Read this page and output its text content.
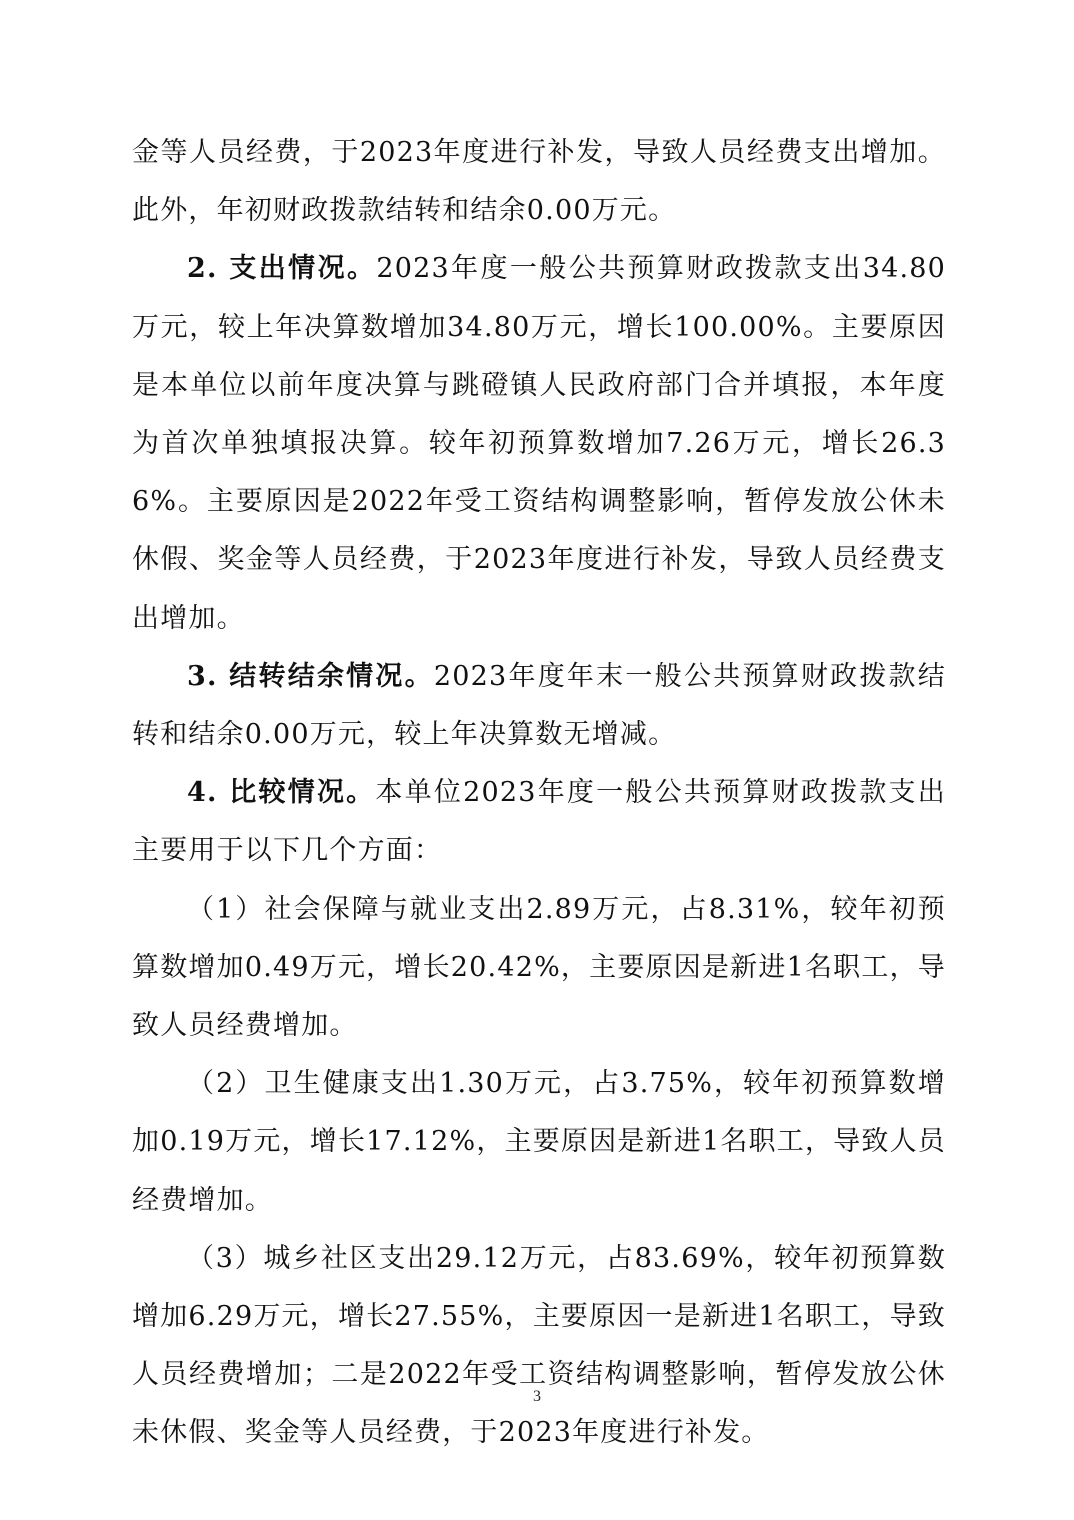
金等人员经费，于2023年度进行补发，导致人员经费支出增加。此外，年初财政拨款结转和结余0.00万元。

2. 支出情况。2023年度一般公共预算财政拨款支出34.80万元，较上年决算数增加34.80万元，增长100.00%。主要原因是本单位以前年度决算与跳磴镇人民政府部门合并填报，本年度为首次单独填报决算。较年初预算数增加7.26万元，增长26.36%。主要原因是2022年受工资结构调整影响，暂停发放公休未休假、奖金等人员经费，于2023年度进行补发，导致人员经费支出增加。

3. 结转结余情况。2023年度年末一般公共预算财政拨款结转和结余0.00万元，较上年决算数无增减。

4. 比较情况。本单位2023年度一般公共预算财政拨款支出主要用于以下几个方面：

（1）社会保障与就业支出2.89万元，占8.31%，较年初预算数增加0.49万元，增长20.42%，主要原因是新进1名职工，导致人员经费增加。

（2）卫生健康支出1.30万元，占3.75%，较年初预算数增加0.19万元，增长17.12%，主要原因是新进1名职工，导致人员经费增加。

（3）城乡社区支出29.12万元，占83.69%，较年初预算数增加6.29万元，增长27.55%，主要原因一是新进1名职工，导致人员经费增加；二是2022年受工资结构调整影响，暂停发放公休未休假、奖金等人员经费，于2023年度进行补发。

3
